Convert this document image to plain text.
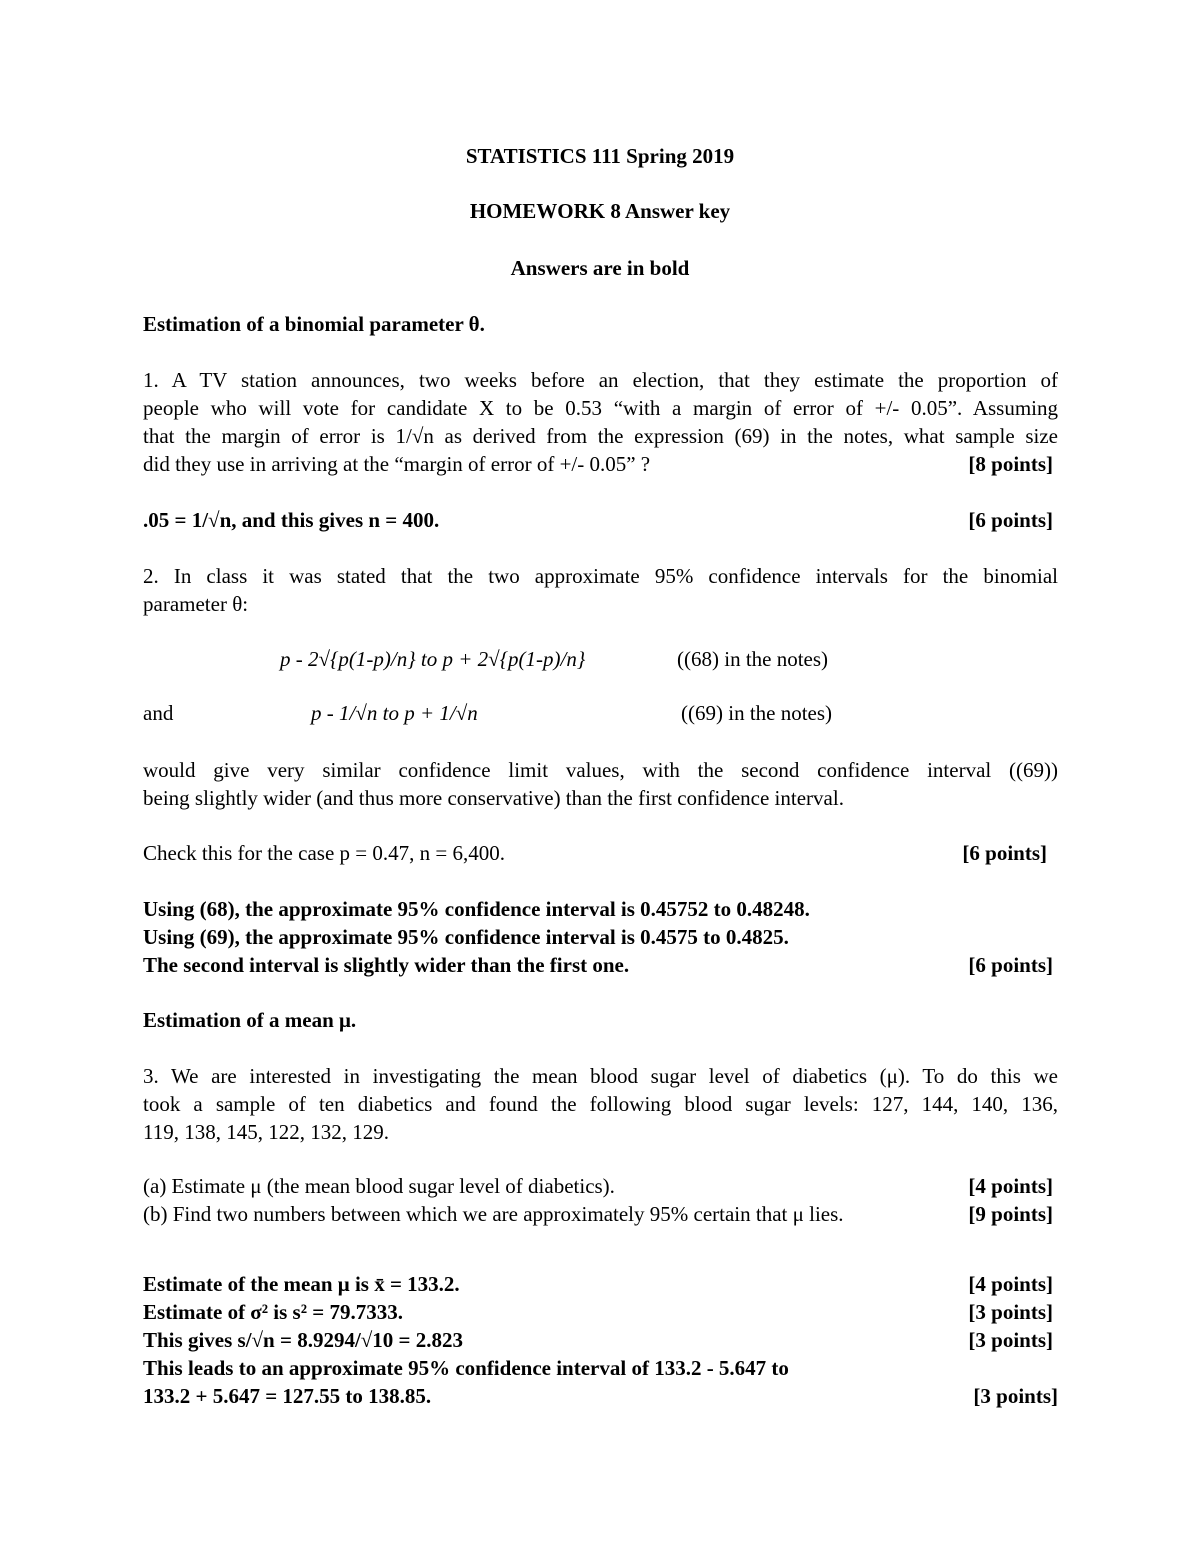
STATISTICS 111 Spring 2019
HOMEWORK 8 Answer key
Answers are in bold
Estimation of a binomial parameter θ.
1. A TV station announces, two weeks before an election, that they estimate the proportion of
people who will vote for candidate X to be 0.53 “with a margin of error of +/- 0.05”. Assuming
that the margin of error is 1/√n as derived from the expression (69) in the notes, what sample size
did they use in arriving at the “margin of error of +/- 0.05” ?	[8 points]
.05 = 1/√n, and this gives n = 400.	[6 points]
2. In class it was stated that the two approximate 95% confidence intervals for the binomial
parameter θ:
p - 2√{p(1-p)/n} to p + 2√{p(1-p)/n}	((68) in the notes)
and	p - 1/√n to p + 1/√n	((69) in the notes)
would give very similar confidence limit values, with the second confidence interval ((69))
being slightly wider (and thus more conservative) than the first confidence interval.
Check this for the case p = 0.47, n = 6,400.	[6 points]
Using (68), the approximate 95% confidence interval is 0.45752 to 0.48248.
Using (69), the approximate 95% confidence interval is 0.4575 to 0.4825.
The second interval is slightly wider than the first one.	[6 points]
Estimation of a mean μ.
3. We are interested in investigating the mean blood sugar level of diabetics (μ). To do this we
took a sample of ten diabetics and found the following blood sugar levels: 127, 144, 140, 136,
119, 138, 145, 122, 132, 129.
(a) Estimate μ (the mean blood sugar level of diabetics).	[4 points]
(b) Find two numbers between which we are approximately 95% certain that μ lies.	[9 points]
Estimate of the mean μ is x̄ = 133.2.	[4 points]
Estimate of σ² is s² = 79.7333.	[3 points]
This gives s/√n = 8.9294/√10 = 2.823	[3 points]
This leads to an approximate 95% confidence interval of 133.2 - 5.647 to
133.2 + 5.647 = 127.55 to 138.85.	[3 points]
